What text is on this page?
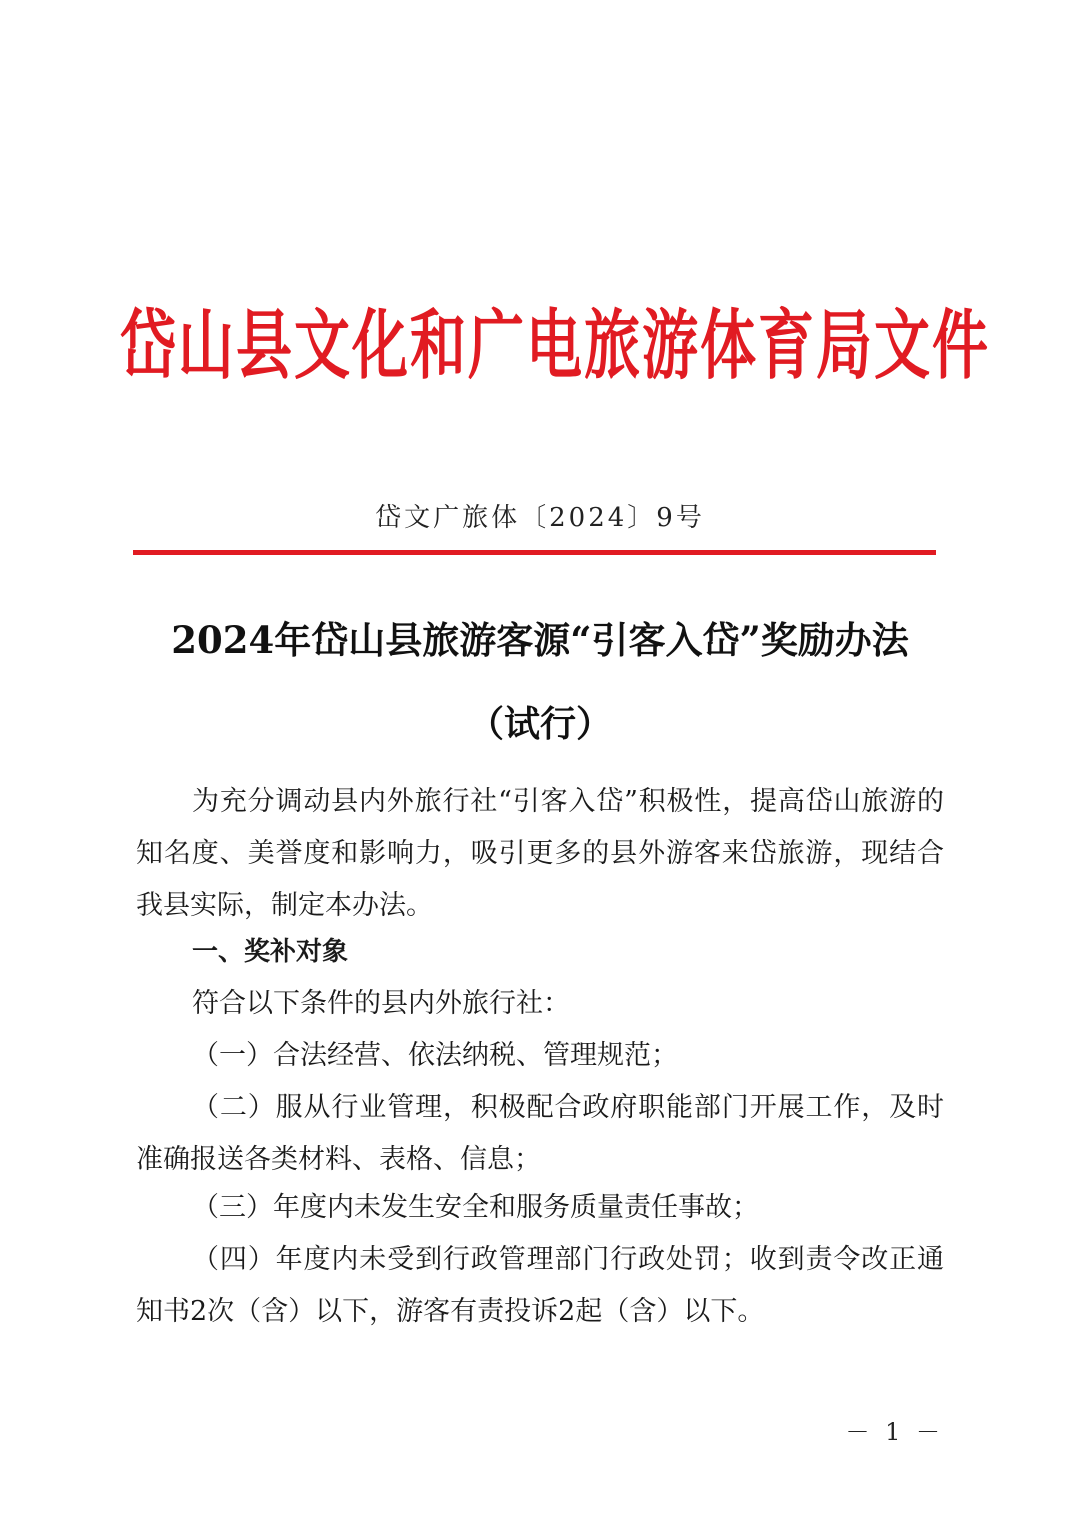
岱山县文化和广电旅游体育局文件
岱文广旅体〔2024〕9号
2024年岱山县旅游客源“引客入岱”奖励办法
（试行）

为充分调动县内外旅行社“引客入岱”积极性，提高岱山旅游的知名度、美誉度和影响力，吸引更多的县外游客来岱旅游，现结合我县实际，制定本办法。

一、奖补对象

符合以下条件的县内外旅行社：

（一）合法经营、依法纳税、管理规范；

（二）服从行业管理，积极配合政府职能部门开展工作，及时准确报送各类材料、表格、信息；

（三）年度内未发生安全和服务质量责任事故；

（四）年度内未受到行政管理部门行政处罚；收到责令改正通知书2次（含）以下，游客有责投诉2起（含）以下。

－ 1 －
